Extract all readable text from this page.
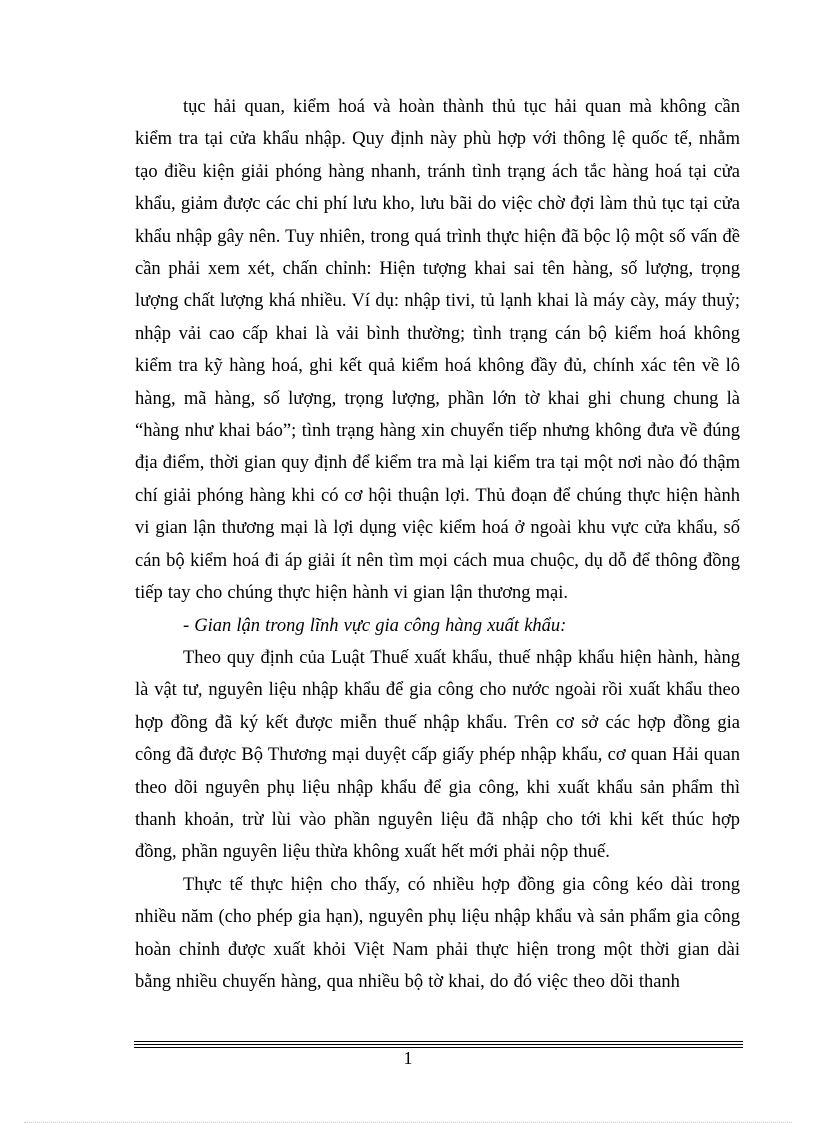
tục hải quan, kiểm hoá và hoàn thành thủ tục hải quan mà không cần kiểm tra tại cửa khẩu nhập. Quy định này phù hợp với thông lệ quốc tế, nhằm tạo điều kiện giải phóng hàng nhanh, tránh tình trạng ách tắc hàng hoá tại cửa khẩu, giảm được các chi phí lưu kho, lưu bãi do việc chờ đợi làm thủ tục tại cửa khẩu nhập gây nên. Tuy nhiên, trong quá trình thực hiện đã bộc lộ một số vấn đề cần phải xem xét, chấn chỉnh: Hiện tượng khai sai tên hàng, số lượng, trọng lượng chất lượng khá nhiều. Ví dụ: nhập tivi, tủ lạnh khai là máy cày, máy thuỷ; nhập vải cao cấp khai là vải bình thường; tình trạng cán bộ kiểm hoá không kiểm tra kỹ hàng hoá, ghi kết quả kiểm hoá không đầy đủ, chính xác tên về lô hàng, mã hàng, số lượng, trọng lượng, phần lớn tờ khai ghi chung chung là “hàng như khai báo”; tình trạng hàng xin chuyển tiếp nhưng không đưa về đúng địa điểm, thời gian quy định để kiểm tra mà lại kiểm tra tại một nơi nào đó thậm chí giải phóng hàng khi có cơ hội thuận lợi. Thủ đoạn để chúng thực hiện hành vi gian lận thương mại là lợi dụng việc kiểm hoá ở ngoài khu vực cửa khẩu, số cán bộ kiểm hoá đi áp giải ít nên tìm mọi cách mua chuộc, dụ dỗ để thông đồng tiếp tay cho chúng thực hiện hành vi gian lận thương mại.

- Gian lận trong lĩnh vực gia công hàng xuất khẩu:

Theo quy định của Luật Thuế xuất khẩu, thuế nhập khẩu hiện hành, hàng là vật tư, nguyên liệu nhập khẩu để gia công cho nước ngoài rồi xuất khẩu theo hợp đồng đã ký kết được miễn thuế nhập khẩu. Trên cơ sở các hợp đồng gia công đã được Bộ Thương mại duyệt cấp giấy phép nhập khẩu, cơ quan Hải quan theo dõi nguyên phụ liệu nhập khẩu để gia công, khi xuất khẩu sản phẩm thì thanh khoản, trừ lùi vào phần nguyên liệu đã nhập cho tới khi kết thúc hợp đồng, phần nguyên liệu thừa không xuất hết mới phải nộp thuế.

Thực tế thực hiện cho thấy, có nhiều hợp đồng gia công kéo dài trong nhiều năm (cho phép gia hạn), nguyên phụ liệu nhập khẩu và sản phẩm gia công hoàn chỉnh được xuất khỏi Việt Nam phải thực hiện trong một thời gian dài bằng nhiều chuyến hàng, qua nhiều bộ tờ khai, do đó việc theo dõi thanh

1
